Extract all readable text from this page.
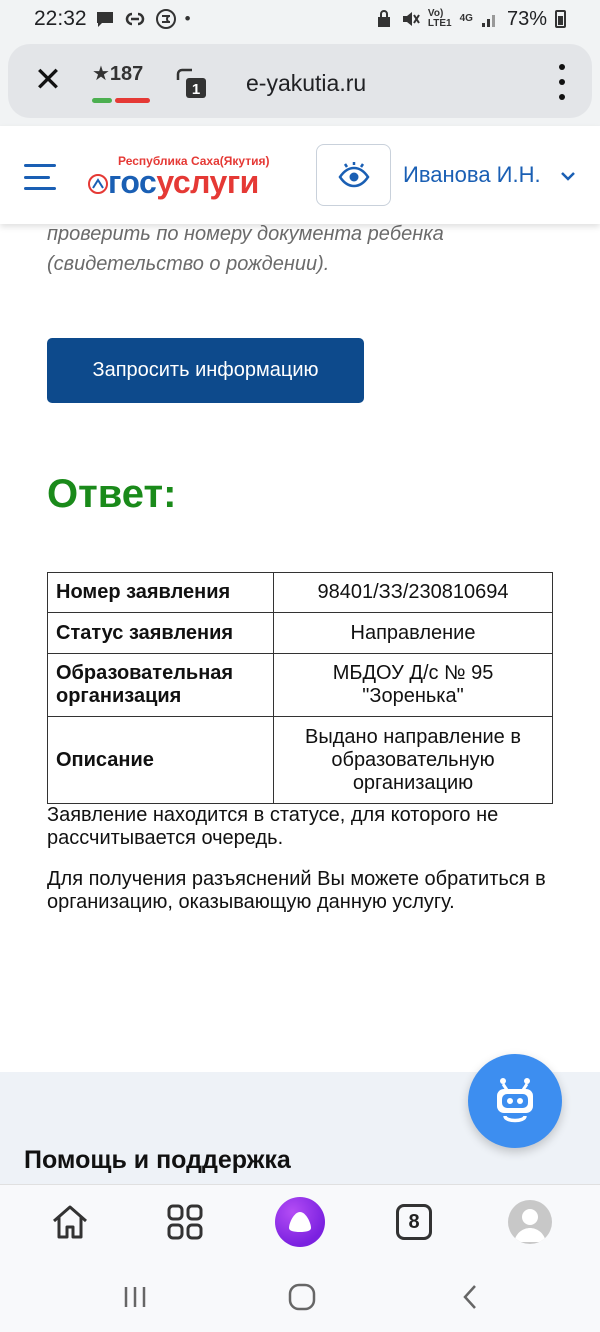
22:32	•	Vo)
LTE1 4G 73%
✕ ★187
1 e-yakutia.ru
Республика Саха(Якутия)
госуслуги	Иванова И.Н.
проверить по номеру документа ребенка (свидетельство о рождении).
Запросить информацию
Ответ:
Номер заявления	98401/ЗЗ/230810694
Статус заявления	Направление
Образовательная организация	МБДОУ Д/с № 95 "Зоренька"
Описание	Выдано направление в образовательную организацию
Заявление находится в статусе, для которого не рассчитывается очередь.
Для получения разъяснений Вы можете обратиться в организацию, оказывающую данную услугу.
Помощь и поддержка
8
